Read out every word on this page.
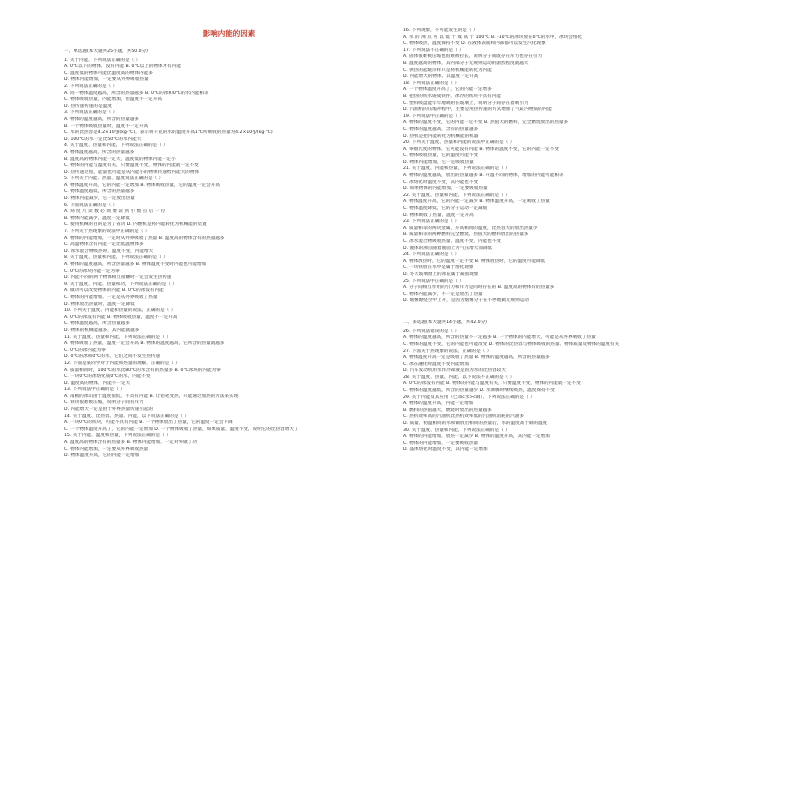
影响内能的因素
一、单选题(本大题共25小题，共50.0分)
1. 关于内能，下列说法正确的是（ ）
A. 0℃以下的物体，没有内能 B. 0℃以上的物体才有内能
C. 温度低的物体可能比温度高的物体内能多
D. 物体内能增加，一定要从外界吸收热量
2. 下列说法正确的是（ ）
A. 同一物体温度越高，所含的热量越多 B. 0℃的冰和0℃的水内能相等
C. 物体吸收热量，内能增加，但温度不一定升高
D. 热传递传递的是温度
3. 下列说法正确的是（ ）
A. 物体的温度越高，所含的热量越多
B. 一个物体吸收热量时，温度不一定升高
C. 水的比热容是4.2×10³J/(kg·℃)，表示将千克的水的温度升高1℃所吸收的热量为4.2×10³J/(kg·℃)
D. 100℃的水一定比50℃的水内能大
4. 关于温度、热量和内能，下列说法正确的是（ ）
A. 物体温度越高，所含的热量越多
B. 温度高的物体内能一定大，温度低的物体内能一定小
C. 物体的内能与温度有关，只要温度不变，物体的内能就一定不变
D. 热传递过程，能量也可能是从内能小的物体传递给内能大的物体
5. 下列关于内能、热量、温度说法正确的是（ ）
A. 物体温度升高，它的内能一定增加 B. 物体吸收热量，它的温度一定会升高
C. 物体温度越低，所含的热量越多
D. 物体内能减少，它一定放出热量
6. 下面说法正确的是（ ）
A. 刻 度 尺 读 数 必 须 要 读 到 小 数 点 后 一 位
B. 物体内能减少，温度一定降低
C. 使用机械的目的是为了省功 D. 内燃机是将内能转化为机械能的装置
7. 下列关于热现象的说法中正确的是（ ）
A. 物体的内能增加，一定时从外界吸收了热量 B. 温度高的物体含有的热量越多
C. 高温物体含有内能一定比低温物体多
D. 冰水混合物吸热时，温度不变，内能增大
8. 关于温度、热量和内能，下列说法正确的是（ ）
A. 物体的温度越高，所含热量越多 B. 物体温度不变时内能也可能增加
C. 0℃的冰块内能一定为零
D. 内能不同的两个物体相互接触时一定会发生热传递
9. 关于温度、内能、热量和功，下列说法正确的是（ ）
A. 做功可以改变物体的内能 B. 0℃的冰没有内能
C. 物体的内能增加，一定是从外界吸收了热量
D. 物体放出热量时，温度一定降低
10. 下列关于温度、内能和热量的说法，正确的是（ ）
A. 0℃的冰没有内能 B. 物体吸收热量，温度不一定升高
C. 物体温度越高，所含热量越多
D. 物体的机械能越多，其内能就越多
11. 关于温度、热量和内能，下列说法正确的是（ ）
A. 物体吸收了热量，温度一定会升高 B. 物体的温度越高，它所含的热量就越多
C. 0℃的冰内能为零
D. 0℃的冰和0℃的水，它们之间不发生热传递
12. 下面是某同学对于内能和热量的理解，正确的是（ ）
A. 质量相同时，100℃的水比80℃的水含有的热量多 B. 0℃冰块的内能为零
C. 一块0℃的冰熔化成0℃的水，内能不变
D. 温度高的物体，内能不一定大
13. 下列说法中正确的是（ ）
A. 南极的冰山由于温度很低，不具有内能 B. 让铅笔变热，只能通过加热的方法来实现
C. 铁块很难被压缩，说明分子间有斥力
D. 内能增大一定是由于外界热量传递引起的
14. 关于温度、比热容、热量、内能，以下说法正确的是（ ）
A. 一块0℃的铁块，可能不具有内能 B. 一个物体放出了热量，它的温度一定会下降
C. 一个物体温度升高了，它的内能一定增加 D. 一个物体吸收了热量，如果质量、温度不变，说明它的比热容增大了
15. 关于内能、温度和热量，下列说法正确的是（ ）
A. 温度高的物体含有的热量多 B. 物体内能增加，一定对外做了功
C. 物体内能增加，一定要从外界吸收热量
D. 物体温度升高，它的内能一定增加
16. 下列现象，不可能发生的是（ ）
A. 水 的 沸 点 可 以 低 于 或 高 于 100℃ B. -10℃的冰块放在0℃的水中，冰块会熔化
C. 物体吸热，温度保持不变 D. 在液体表面和内部都可以发生汽化现象
17. 下列说法不正确的是（ ）
A. 固体很难被压缩也很难被拉长，说明分子间既存在斥力也存在引力
B. 温度越高的物体，其内部分子无规则运动的剧烈程度就越大
C. 供热的起暖洋样只是将机械能转化为内能
D. 内能增大的物体，其温度一定升高
18. 下列说法正确的是（ ）
A. 一个物体温度升高了，它的内能一定增多
B. 把热的铁水铸成铁件，冰冷的铁块不具有内能
C. 塑料吸盘能牢牢地吸附在玻璃上，说明分子间存在着吸引力
D. 汽油机的压缩冲程中，主要是用热传递的方式增加了气缸内物质的内能
19. 下列说法中正确的是（ ）
A. 物体的温度不变，它的内能一定不变 B. 热值大的燃料，完全燃烧放出的热量多
C. 物体的温度越高，含有的热量越多
D. 热机是把内能转化为机械能的机器
20. 下列关于温度、热量和内能的说法中正确的是（ ）
A. 零摄氏度的物体，它可能没有内能 B. 物体的温度不变，它的内能一定不变
C. 物体吸收热量，它的温度可能不变
D. 物体内能增加，它一定吸收热量
21. 关于温度、内能和热量，下列说法正确的是（ ）
A. 物体的温度越高，放出的热量越多 B. 升温不同的物体，增加的内能可能相等
C. 冰熔化时温度不变，其内能也不变
D. 如果物体的内能增加，一定要吸收热量
22. 关于温度、热量和内能，下列说法正确的是（ ）
A. 物体温度升高，它的内能一定减少 B. 物体温度升高，一定吸收了热量
C. 物体温度降低，它的分子运动一定减缓
D. 物体吸收了热量，温度一定升高
23. 下列说法正确的是（ ）
A. 质量相等的两块金属，升高相同的温度，比热容大的放出热量少
B. 质量相等的两种燃料完全燃烧，热值大的燃料放出的热量多
C. 冰水混合物吸收热量，温度不变，内能也不变
D. 液体的沸点随着液面上方气压增大而降低
24. 下列说法正确的是（ ）
A. 物体放热时，它的温度一定不变 B. 物体放热时，它的温度可能降低
C. 一块铁放在水中是属于熔化现象
D. 冬天玻璃窗上的冰花属于凝固现象
25. 下列说法中正确的是（ ）
A. 分子间相互作用的引力和斥力是同时存在的 B. 温度高的物体有的热量多
C. 物体内能减少，不一定是放出了热量
D. 烟雾缭绕空中上升，是因为烟雾分子在不停地做无规则运动
二、多选题(本大题共14小题，共42.0分)
26. 下列说法错误的是（ ）
A. 物体的温度越高，所含的热量不一定越多 B. 一个物体的内能增大，可能是从外界吸收了热量
C. 物体的温度不变，它的内能也可能改变 D. 物体的比热容与物体吸收的热量、物体质量及物体的温度有关
27. 下面关于热现象的说法，正确的是（ ）
A. 物体温度升高一定是吸收了热量 B. 物体的温度越高，所含的热量越多
C. 冰在融化时温度不变内能增加
D. 汽车发动机用水作冷却液是因为水的比热容较大
28. 关于温度、热量、内能，以下说法不正确的是（ ）
A. 0℃的冰没有内能 B. 物体的内能与温度有关，只要温度不变，物体的内能就一定不变
C. 物体的温度越低，所含的热量越少 D. 水沸腾时继续吸热，温度保持不变
29. 关于内能及其应用（已知c水>c铜），下列说法正确的是（ ）
A. 物体的温度升高，内能一定增加
B. 燃料的热值越大，燃烧时放出的热量越多
C. 热机效率高的汽油机比热机效率低的汽油机消耗的汽油多
D. 质量、初温相同的水和铜放出相同的热量后，水的温度高于铜的温度
30. 关于温度、热量和内能，下列说法正确的是（ ）
A. 物体的内能增加，放热一定减少 B. 物体的温度升高，其内能一定增加
C. 物体的内能增加，一定要吸收热量
D. 晶体熔化时温度不变，其内能一定增加
